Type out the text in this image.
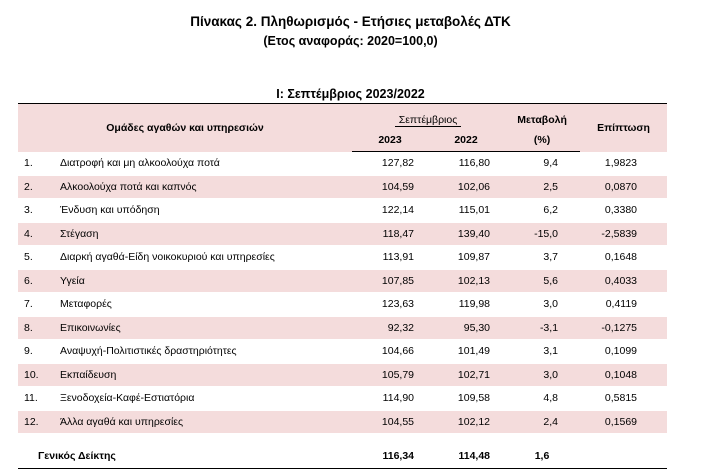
Πίνακας 2. Πληθωρισμός - Ετήσιες μεταβολές ΔΤΚ
(Ετος αναφοράς: 2020=100,0)
Ι: Σεπτέμβριος 2023/2022
Ομάδες αγαθών και υπηρεσιών		Σεπτέμβριος		Μεταβολή	Επίπτωση
		2023	2022	(%)	
1.	Διατροφή και μη αλκοολούχα ποτά	127,82	116,80	9,4	1,9823
2.	Αλκοολούχα ποτά και καπνός	104,59	102,06	2,5	0,0870
3.	Ένδυση και υπόδηση	122,14	115,01	6,2	0,3380
4.	Στέγαση	118,47	139,40	-15,0	-2,5839
5.	Διαρκή αγαθά-Είδη νοικοκυριού και υπηρεσίες	113,91	109,87	3,7	0,1648
6.	Υγεία	107,85	102,13	5,6	0,4033
7.	Μεταφορές	123,63	119,98	3,0	0,4119
8.	Επικοινωνίες	92,32	95,30	-3,1	-0,1275
9.	Αναψυχή-Πολιτιστικές δραστηριότητες	104,66	101,49	3,1	0,1099
10.	Εκπαίδευση	105,79	102,71	3,0	0,1048
11.	Ξενοδοχεία-Καφέ-Εστιατόρια	114,90	109,58	4,8	0,5815
12.	Άλλα αγαθά και υπηρεσίες	104,55	102,12	2,4	0,1569

Γενικός Δείκτης		116,34	114,48	1,6	
